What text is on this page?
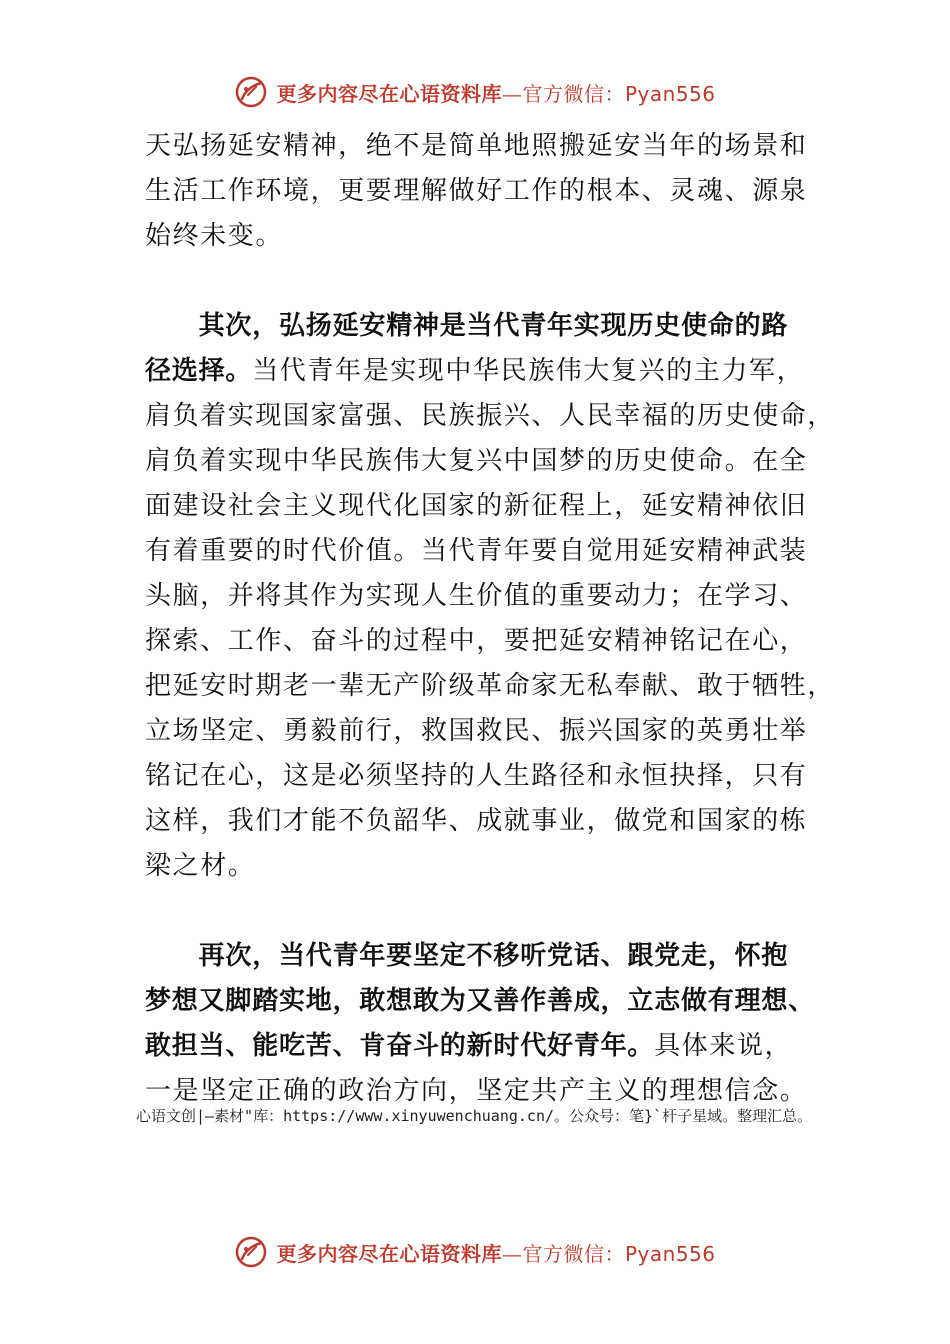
更多内容尽在心语资料库—官方微信：Pyan556

天弘扬延安精神，绝不是简单地照搬延安当年的场景和
生活工作环境，更要理解做好工作的根本、灵魂、源泉
始终未变。

　　其次，弘扬延安精神是当代青年实现历史使命的路
径选择。当代青年是实现中华民族伟大复兴的主力军，
肩负着实现国家富强、民族振兴、人民幸福的历史使命，
肩负着实现中华民族伟大复兴中国梦的历史使命。在全
面建设社会主义现代化国家的新征程上，延安精神依旧
有着重要的时代价值。当代青年要自觉用延安精神武装
头脑，并将其作为实现人生价值的重要动力；在学习、
探索、工作、奋斗的过程中，要把延安精神铭记在心，
把延安时期老一辈无产阶级革命家无私奉献、敢于牺牲，
立场坚定、勇毅前行，救国救民、振兴国家的英勇壮举
铭记在心，这是必须坚持的人生路径和永恒抉择，只有
这样，我们才能不负韶华、成就事业，做党和国家的栋
梁之材。

　　再次，当代青年要坚定不移听党话、跟党走，怀抱
梦想又脚踏实地，敢想敢为又善作善成，立志做有理想、
敢担当、能吃苦、肯奋斗的新时代好青年。具体来说，
一是坚定正确的政治方向，坚定共产主义的理想信念。

心语文创|—素材"库：https://www.xinyuwenchuang.cn/。公众号：笔}`杆子星域。整理汇总。
更多内容尽在心语资料库—官方微信：Pyan556
